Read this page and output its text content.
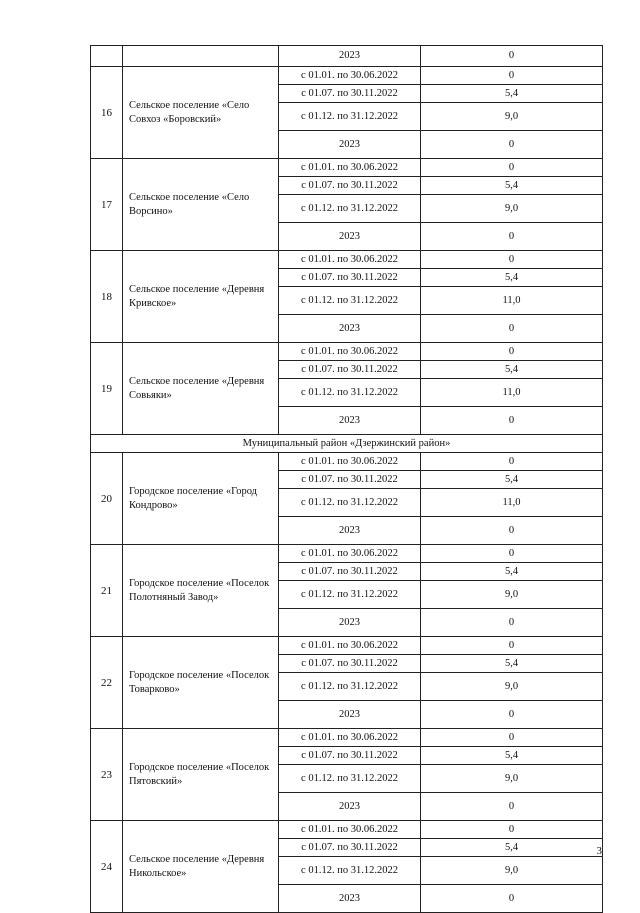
		2023	0
16	Сельское поселение «Село Совхоз «Боровский»	с 01.01. по 30.06.2022	0
		с 01.07. по 30.11.2022	5,4
		с 01.12. по 31.12.2022	9,0
		2023	0
17	Сельское поселение «Село Ворсино»	с 01.01. по 30.06.2022	0
		с 01.07. по 30.11.2022	5,4
		с 01.12. по 31.12.2022	9,0
		2023	0
18	Сельское поселение «Деревня Кривское»	с 01.01. по 30.06.2022	0
		с 01.07. по 30.11.2022	5,4
		с 01.12. по 31.12.2022	11,0
		2023	0
19	Сельское поселение «Деревня Совьяки»	с 01.01. по 30.06.2022	0
		с 01.07. по 30.11.2022	5,4
		с 01.12. по 31.12.2022	11,0
		2023	0
Муниципальный район «Дзержинский район»			
20	Городское поселение «Город Кондрово»	с 01.01. по 30.06.2022	0
		с 01.07. по 30.11.2022	5,4
		с 01.12. по 31.12.2022	11,0
		2023	0
21	Городское поселение «Поселок Полотняный Завод»	с 01.01. по 30.06.2022	0
		с 01.07. по 30.11.2022	5,4
		с 01.12. по 31.12.2022	9,0
		2023	0
22	Городское поселение «Поселок Товарково»	с 01.01. по 30.06.2022	0
		с 01.07. по 30.11.2022	5,4
		с 01.12. по 31.12.2022	9,0
		2023	0
23	Городское поселение «Поселок Пятовский»	с 01.01. по 30.06.2022	0
		с 01.07. по 30.11.2022	5,4
		с 01.12. по 31.12.2022	9,0
		2023	0
24	Сельское поселение «Деревня Никольское»	с 01.01. по 30.06.2022	0
		с 01.07. по 30.11.2022	5,4
		с 01.12. по 31.12.2022	9,0
		2023	0
3
